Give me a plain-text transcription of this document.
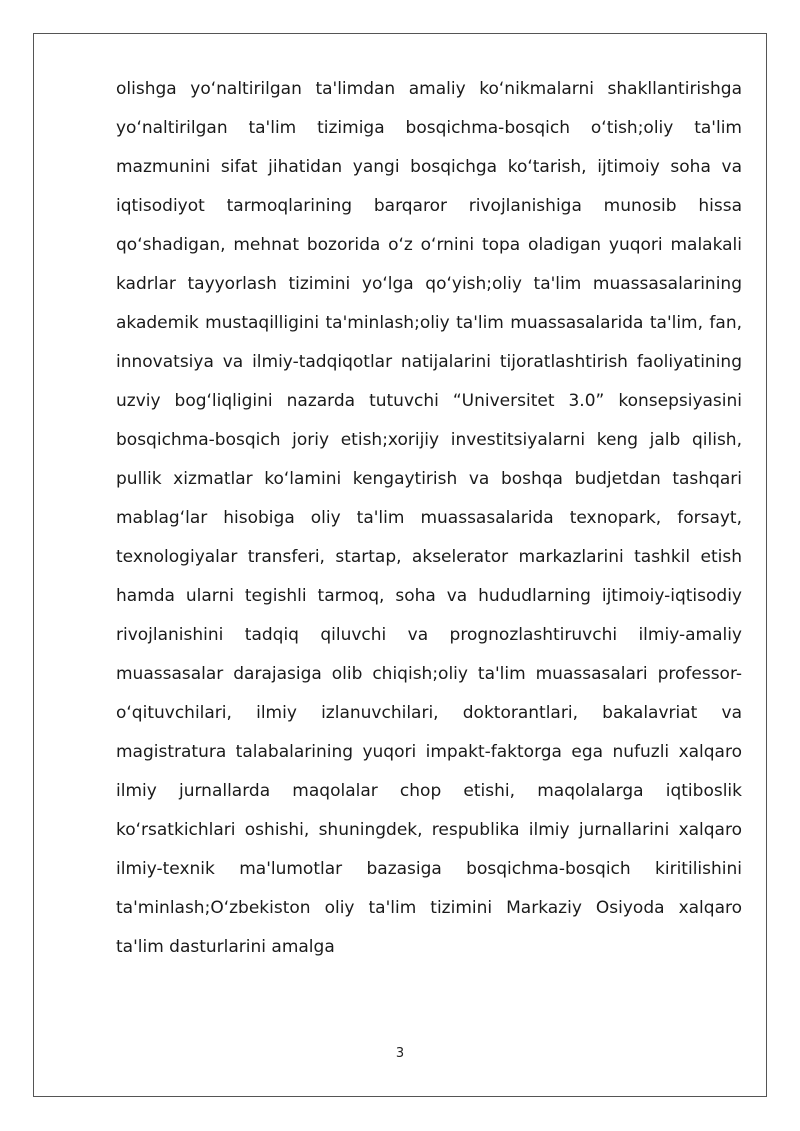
olishga yo‘naltirilgan ta'limdan amaliy ko‘nikmalarni shakllantirishga yo‘naltirilgan ta'lim tizimiga bosqichma-bosqich o‘tish;oliy ta'lim mazmunini sifat jihatidan yangi bosqichga ko‘tarish, ijtimoiy soha va iqtisodiyot tarmoqlarining barqaror rivojlanishiga munosib hissa qo‘shadigan, mehnat bozorida o‘z o‘rnini topa oladigan yuqori malakali kadrlar tayyorlash tizimini yo‘lga qo‘yish;oliy ta'lim muassasalarining akademik mustaqilligini ta'minlash;oliy ta'lim muassasalarida ta'lim, fan, innovatsiya va ilmiy-tadqiqotlar natijalarini tijoratlashtirish faoliyatining uzviy bog‘liqligini nazarda tutuvchi “Universitet 3.0” konsepsiyasini bosqichma-bosqich joriy etish;xorijiy investitsiyalarni keng jalb qilish, pullik xizmatlar ko‘lamini kengaytirish va boshqa budjetdan tashqari mablag‘lar hisobiga oliy ta'lim muassasalarida texnopark, forsayt, texnologiyalar transferi, startap, akselerator markazlarini tashkil etish hamda ularni tegishli tarmoq, soha va hududlarning ijtimoiy-iqtisodiy rivojlanishini tadqiq qiluvchi va prognozlashtiruvchi ilmiy-amaliy muassasalar darajasiga olib chiqish;oliy ta'lim muassasalari professor-o‘qituvchilari, ilmiy izlanuvchilari, doktorantlari, bakalavriat va magistratura talabalarining yuqori impakt-faktorga ega nufuzli xalqaro ilmiy jurnallarda maqolalar chop etishi, maqolalarga iqtiboslik ko‘rsatkichlari oshishi, shuningdek, respublika ilmiy jurnallarini xalqaro ilmiy-texnik ma'lumotlar bazasiga bosqichma-bosqich kiritilishini ta'minlash;O‘zbekiston oliy ta'lim tizimini Markaziy Osiyoda xalqaro ta'lim dasturlarini amalga

3
